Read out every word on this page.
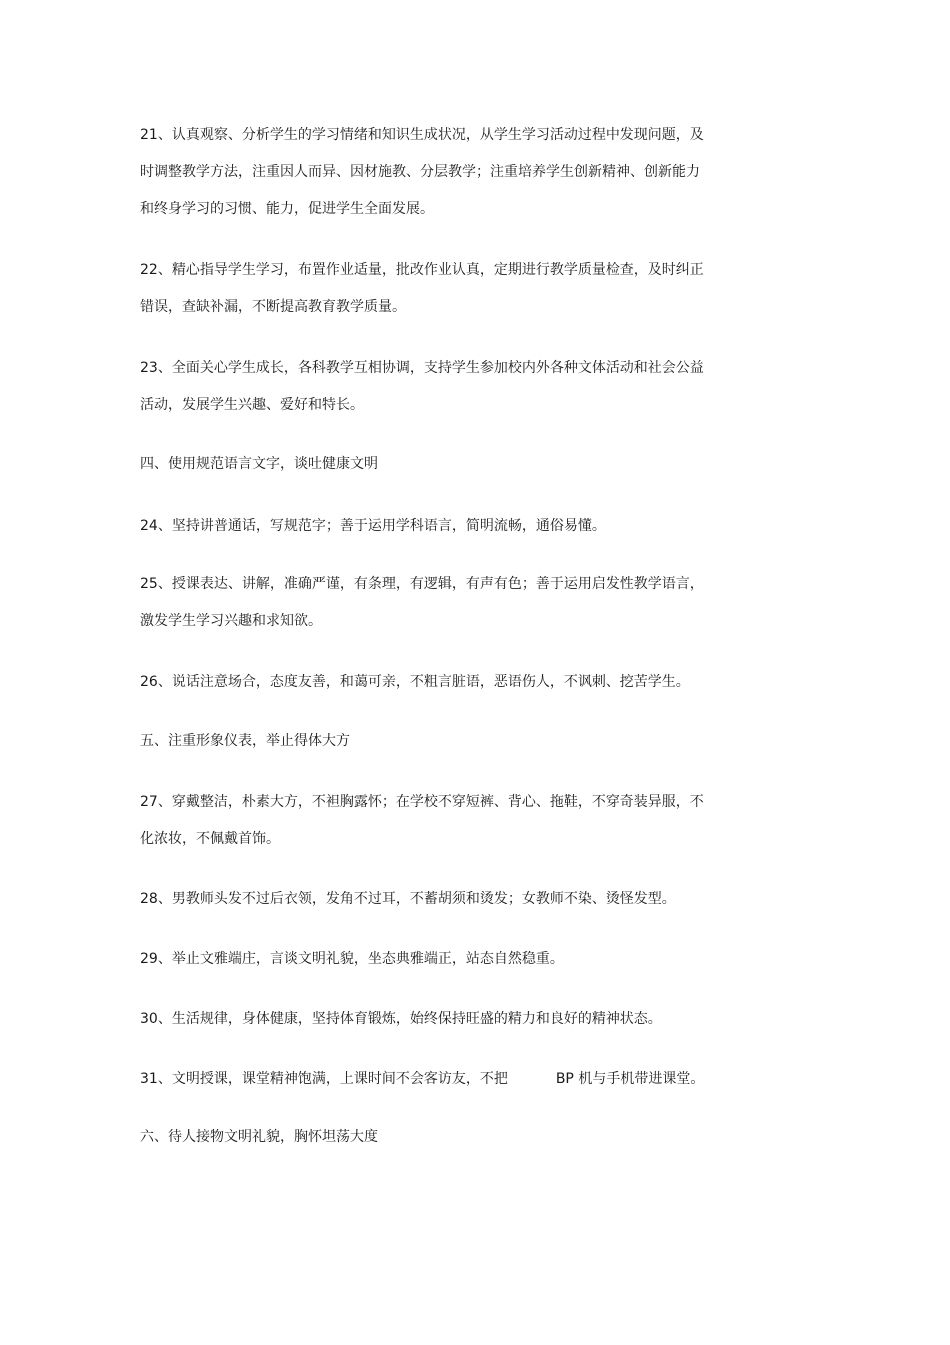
21、认真观察、分析学生的学习情绪和知识生成状况，从学生学习活动过程中发现问题，及
时调整教学方法，注重因人而异、因材施教、分层教学；注重培养学生创新精神、创新能力
和终身学习的习惯、能力，促进学生全面发展。

22、精心指导学生学习，布置作业适量，批改作业认真，定期进行教学质量检查，及时纠正
错误，查缺补漏，不断提高教育教学质量。

23、全面关心学生成长，各科教学互相协调，支持学生参加校内外各种文体活动和社会公益
活动，发展学生兴趣、爱好和特长。

四、使用规范语言文字，谈吐健康文明

24、坚持讲普通话，写规范字；善于运用学科语言，简明流畅，通俗易懂。

25、授课表达、讲解，准确严谨，有条理，有逻辑，有声有色；善于运用启发性教学语言，
激发学生学习兴趣和求知欲。

26、说话注意场合，态度友善，和蔼可亲，不粗言脏语，恶语伤人，不讽刺、挖苦学生。

五、注重形象仪表，举止得体大方

27、穿戴整洁，朴素大方，不袒胸露怀；在学校不穿短裤、背心、拖鞋，不穿奇装异服，不
化浓妆，不佩戴首饰。

28、男教师头发不过后衣领，发角不过耳，不蓄胡须和烫发；女教师不染、烫怪发型。

29、举止文雅端庄，言谈文明礼貌，坐态典雅端正，站态自然稳重。

30、生活规律，身体健康，坚持体育锻炼，始终保持旺盛的精力和良好的精神状态。

31、文明授课，课堂精神饱满，上课时间不会客访友，不把	BP 机与手机带进课堂。

六、待人接物文明礼貌，胸怀坦荡大度
